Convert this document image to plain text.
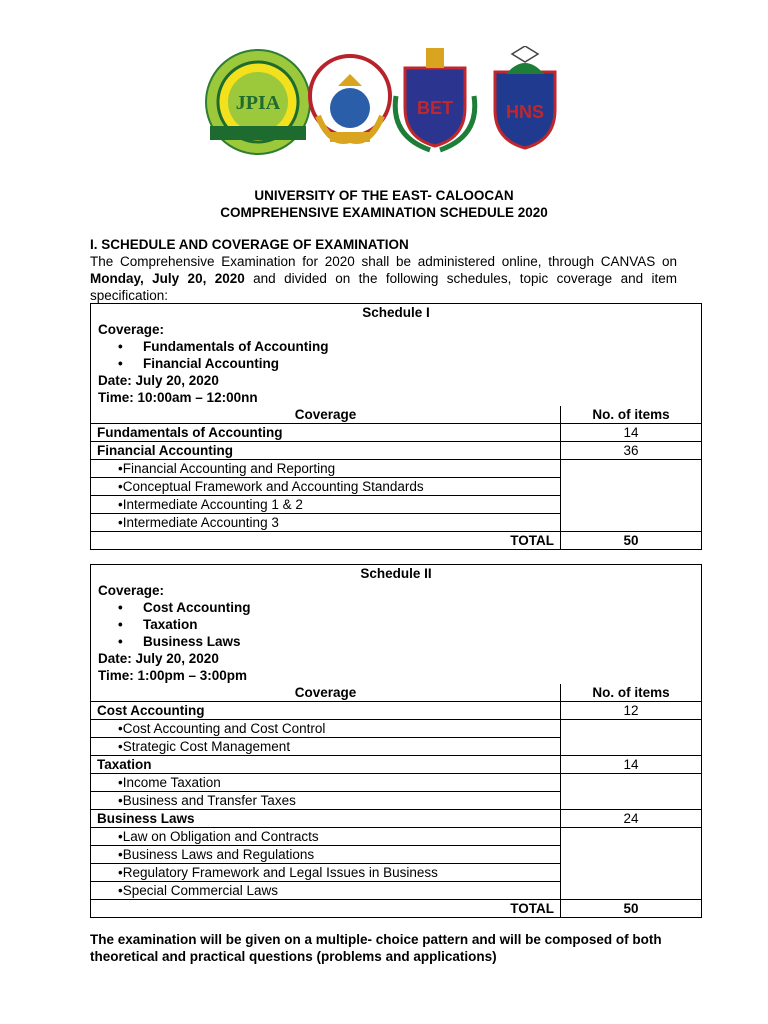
JPIA	BET	HNS
UNIVERSITY OF THE EAST- CALOOCAN
COMPREHENSIVE EXAMINATION SCHEDULE 2020
I. SCHEDULE AND COVERAGE OF EXAMINATION
The Comprehensive Examination for 2020 shall be administered online, through CANVAS on Monday, July 20, 2020 and divided on the following schedules, topic coverage and item specification:
Schedule I
Coverage:
• Fundamentals of Accounting
• Financial Accounting
Date: July 20, 2020
Time: 10:00am – 12:00nn
Coverage	No. of items
Fundamentals of Accounting	14
Financial Accounting	36
•Financial Accounting and Reporting	
•Conceptual Framework and Accounting Standards	
•Intermediate Accounting 1 & 2	
•Intermediate Accounting 3	
TOTAL	50
Schedule II
Coverage:
• Cost Accounting
• Taxation
• Business Laws
Date: July 20, 2020
Time: 1:00pm – 3:00pm
Coverage	No. of items
Cost Accounting	12
•Cost Accounting and Cost Control	
•Strategic Cost Management	
Taxation	14
•Income Taxation	
•Business and Transfer Taxes	
Business Laws	24
•Law on Obligation and Contracts	
•Business Laws and Regulations	
•Regulatory Framework and Legal Issues in Business	
•Special Commercial Laws	
TOTAL	50
The examination will be given on a multiple- choice pattern and will be composed of both theoretical and practical questions (problems and applications)
